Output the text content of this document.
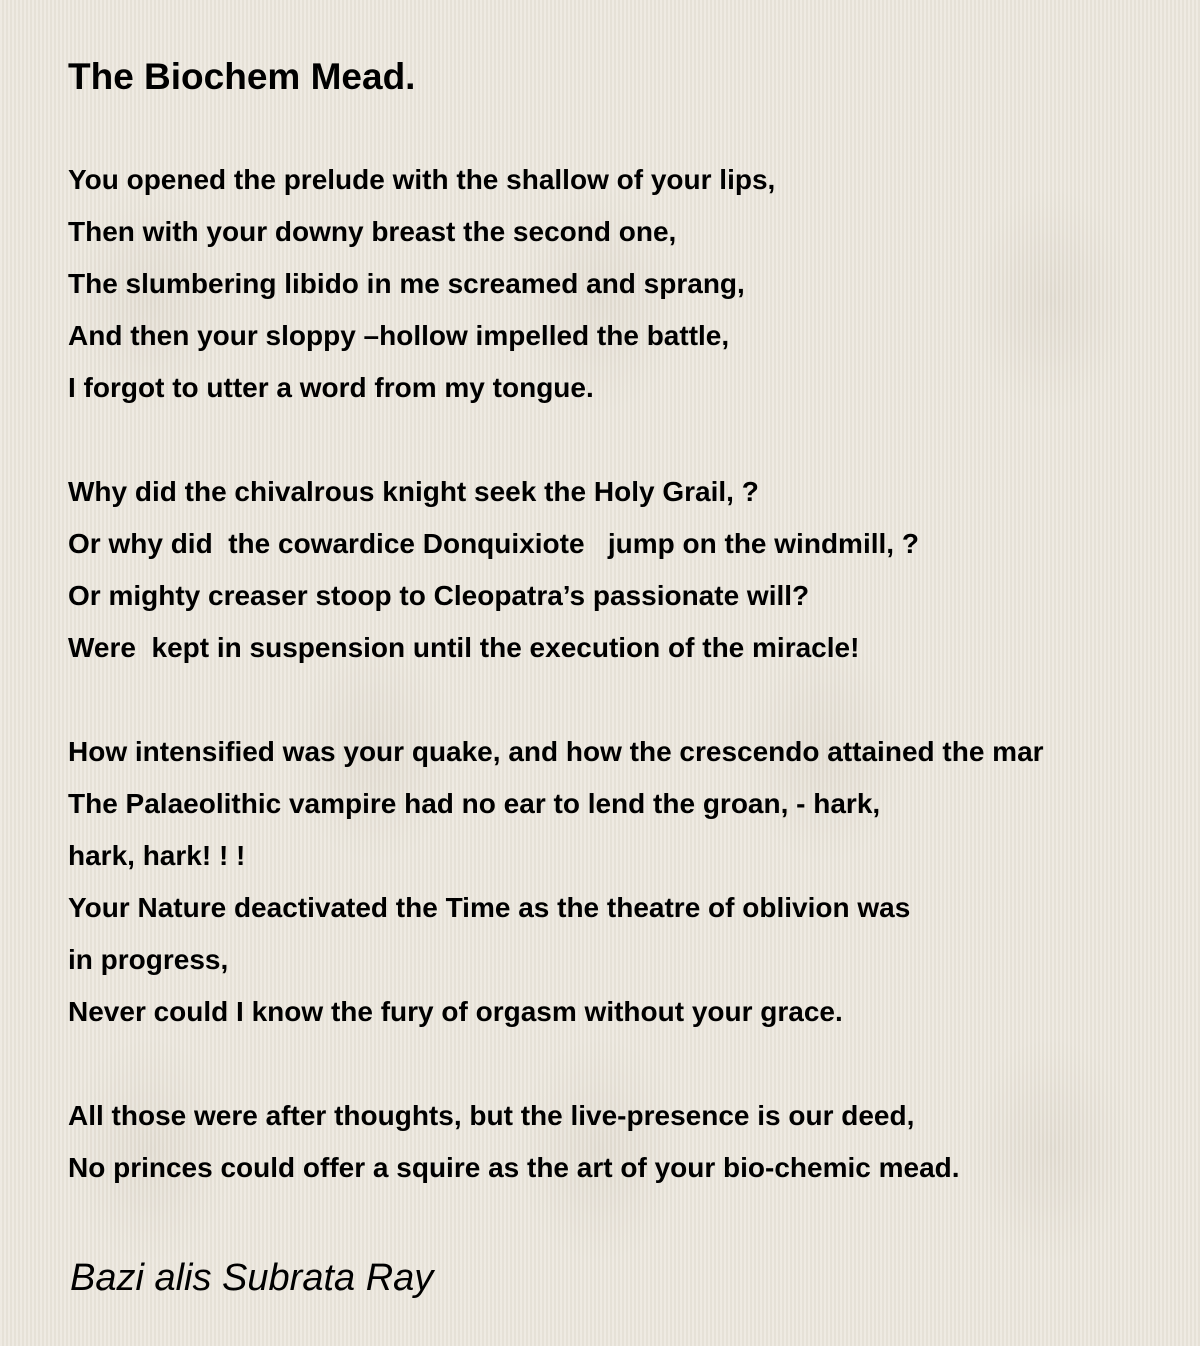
The Biochem Mead.
You opened the prelude with the shallow of your lips,
Then with your downy breast the second one,
The slumbering libido in me screamed and sprang,
And then your sloppy –hollow impelled the battle,
I forgot to utter a word from my tongue.
Why did the chivalrous knight seek the Holy Grail, ?
Or why did  the cowardice Donquixiote   jump on the windmill, ?
Or mighty creaser stoop to Cleopatra’s passionate will?
Were  kept in suspension until the execution of the miracle!
How intensified was your quake, and how the crescendo attained the mar
The Palaeolithic vampire had no ear to lend the groan, - hark,
hark, hark! ! !
Your Nature deactivated the Time as the theatre of oblivion was
in progress,
Never could I know the fury of orgasm without your grace.
All those were after thoughts, but the live-presence is our deed,
No princes could offer a squire as the art of your bio-chemic mead.
Bazi alis Subrata Ray
